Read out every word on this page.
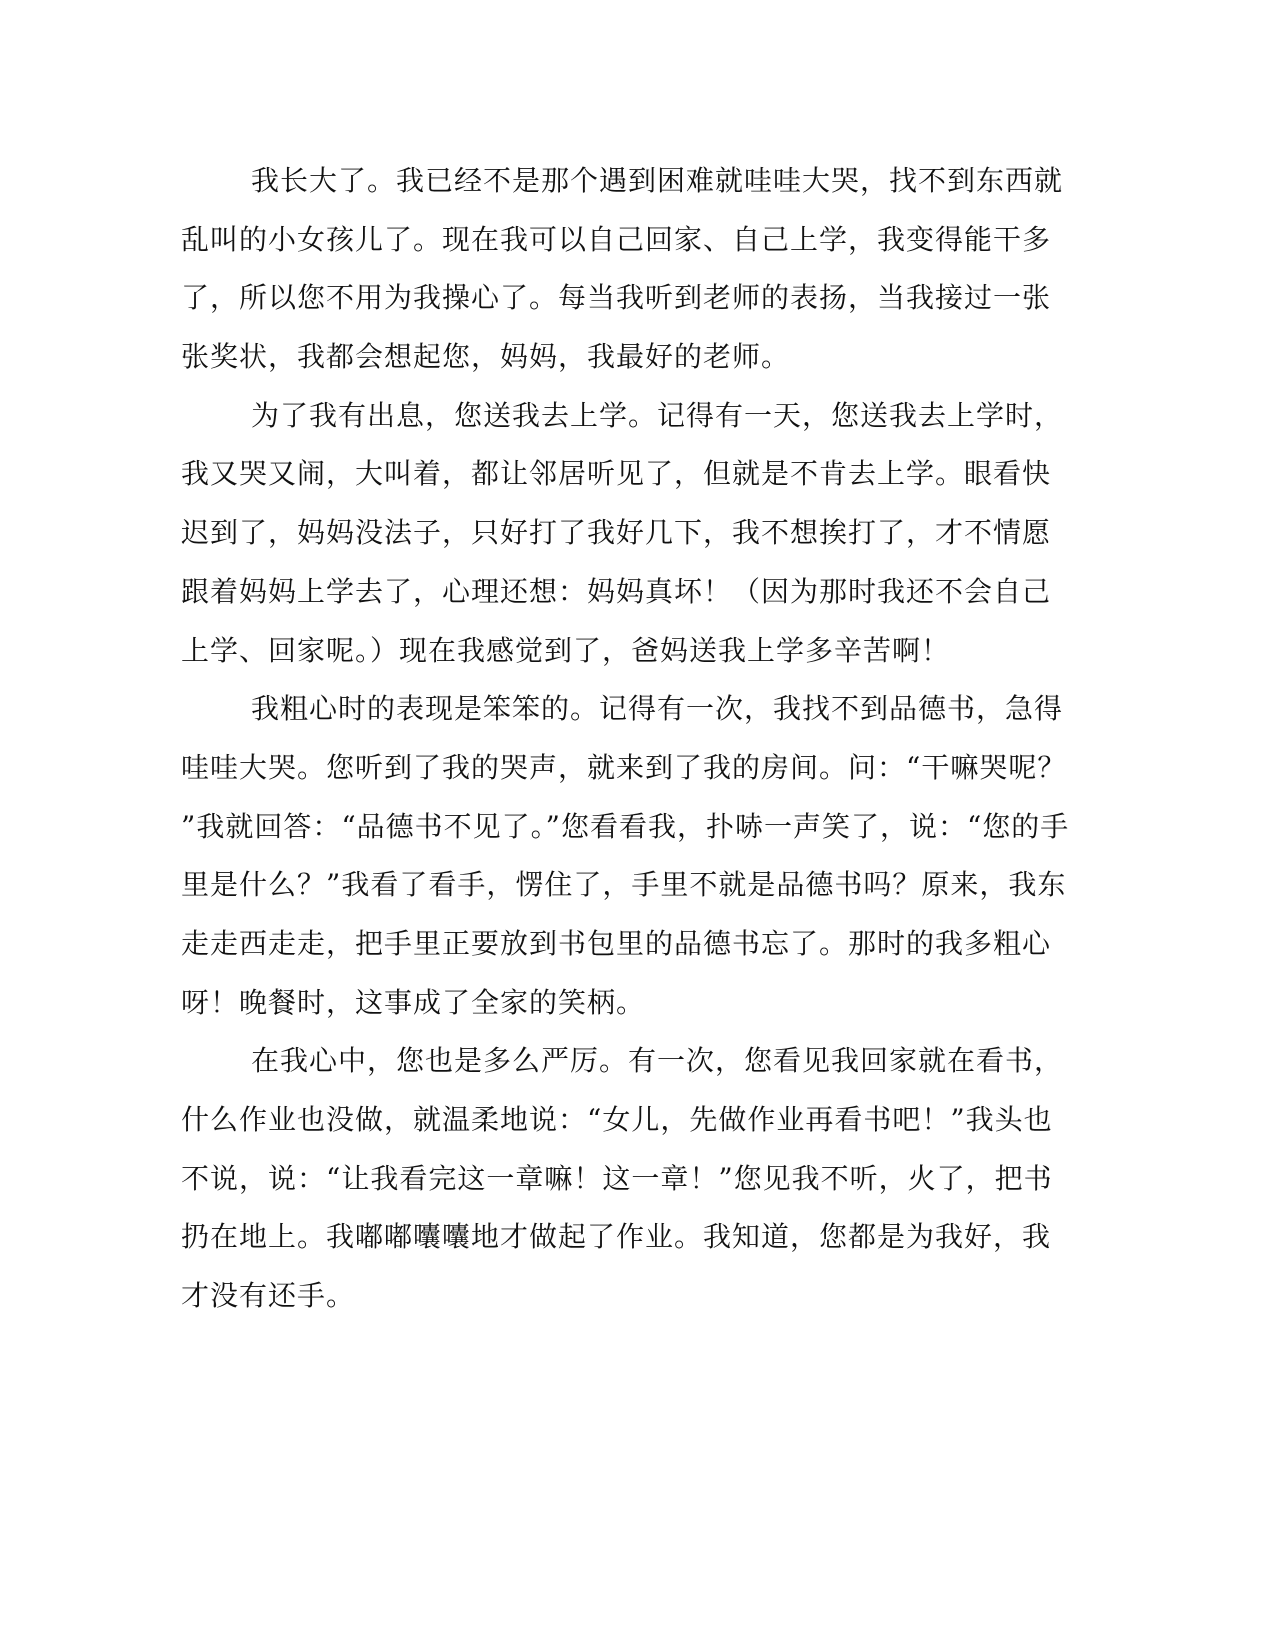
我长大了。我已经不是那个遇到困难就哇哇大哭，找不到东西就
乱叫的小女孩儿了。现在我可以自己回家、自己上学，我变得能干多
了，所以您不用为我操心了。每当我听到老师的表扬，当我接过一张
张奖状，我都会想起您，妈妈，我最好的老师。
为了我有出息，您送我去上学。记得有一天，您送我去上学时，
我又哭又闹，大叫着，都让邻居听见了，但就是不肯去上学。眼看快
迟到了，妈妈没法子，只好打了我好几下，我不想挨打了，才不情愿
跟着妈妈上学去了，心理还想：妈妈真坏！（因为那时我还不会自己
上学、回家呢。）现在我感觉到了，爸妈送我上学多辛苦啊！
我粗心时的表现是笨笨的。记得有一次，我找不到品德书，急得
哇哇大哭。您听到了我的哭声，就来到了我的房间。问：“干嘛哭呢？
”我就回答：“品德书不见了。”您看看我，扑哧一声笑了，说：“您的手
里是什么？”我看了看手，愣住了，手里不就是品德书吗？原来，我东
走走西走走，把手里正要放到书包里的品德书忘了。那时的我多粗心
呀！晚餐时，这事成了全家的笑柄。
在我心中，您也是多么严厉。有一次，您看见我回家就在看书，
什么作业也没做，就温柔地说：“女儿，先做作业再看书吧！”我头也
不说，说：“让我看完这一章嘛！这一章！”您见我不听，火了，把书
扔在地上。我嘟嘟囔囔地才做起了作业。我知道，您都是为我好，我
才没有还手。
